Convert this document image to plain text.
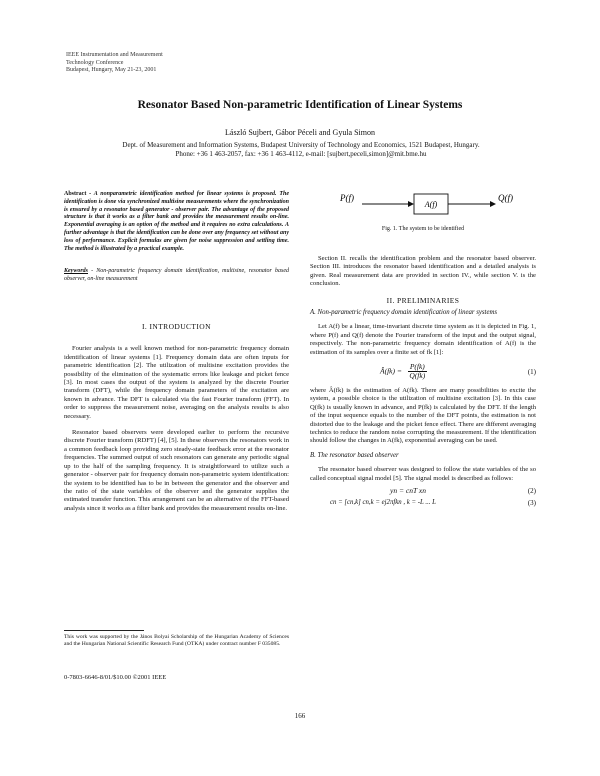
IEEE Instrumentation and Measurement
Technology Conference
Budapest, Hungary, May 21-23, 2001
Resonator Based Non-parametric Identification of Linear Systems
László Sujbert, Gábor Péceli and Gyula Simon
Dept. of Measurement and Information Systems, Budapest University of Technology and Economics, 1521 Budapest, Hungary.
Phone: +36 1 463-2057, fax: +36 1 463-4112, e-mail: [sujbert,peceli,simon]@mit.bme.hu
Abstract - A nonparametric identification method for linear systems is proposed. The identification is done via synchronized multisine measurements where the synchronization is ensured by a resonator based generator - observer pair. The advantage of the proposed structure is that it works as a filter bank and provides the measurement results on-line. Exponential averaging is an option of the method and it requires no extra calculations. A further advantage is that the identification can be done over any frequency set without any loss of performance. Explicit formulas are given for noise suppression and settling time. The method is illustrated by a practical example.
Keywords - Non-parametric frequency domain identification, multisine, resonator based observer, on-line measurement
I. INTRODUCTION

Fourier analysis is a well known method for non-parametric frequency domain identification of linear systems [1]. Frequency domain data are often inputs for parametric identification [2]. The utilization of multisine excitation provides the possibility of the elimination of the systematic errors like leakage and picket fence [3]. In most cases the output of the system is analyzed by the discrete Fourier transform (DFT), while the frequency domain parameters of the excitation are known in advance. The DFT is calculated via the fast Fourier transform (FFT). In order to suppress the measurement noise, averaging on the analysis results is also necessary.

Resonator based observers were developed earlier to perform the recursive discrete Fourier transform (RDFT) [4], [5]. In these observers the resonators work in a common feedback loop providing zero steady-state feedback error at the resonator frequencies. The summed output of such resonators can generate any periodic signal up to the half of the sampling frequency. It is straightforward to utilize such a generator - observer pair for frequency domain non-parametric system identification: the system to be identified has to be in between the generator and the observer and the ratio of the state variables of the observer and the generator supplies the estimated transfer function. This arrangement can be an alternative of the FFT-based analysis since it works as a filter bank and provides the measurement results on-line.

This work was supported by the János Bolyai Scholarship of the Hungarian Academy of Sciences and the Hungarian National Scientific Research Fund (OTKA) under contract number F 035085.
0-7803-6646-8/01/$10.00 ©2001 IEEE
P(f)
A(f)
Q(f)
Fig. 1. The system to be identified

Section II. recalls the identification problem and the resonator based observer. Section III. introduces the resonator based identification and a detailed analysis is given. Real measurement data are provided in section IV., while section V. is the conclusion.

II. PRELIMINARIES
A. Non-parametric frequency domain identification of linear systems

Let A(f) be a linear, time-invariant discrete time system as it is depicted in Fig. 1, where P(f) and Q(f) denote the Fourier transform of the input and the output signal, respectively. The non-parametric frequency domain identification of A(f) is the estimation of its samples over a finite set of fk [1]:

Â(fk) = $\frac{P(fk)}{Q(fk)}$	(1)

where Â(fk) is the estimation of A(fk). There are many possibilities to excite the system, a possible choice is the utilization of multisine excitation [3]. In this case Q(fk) is usually known in advance, and P(fk) is calculated by the DFT. If the length of the input sequence equals to the number of the DFT points, the estimation is not distorted due to the leakage and the picket fence effect. There are different averaging technics to reduce the random noise corrupting the measurement. If the identification should follow the changes in A(fk), exponential averaging can be used.

B. The resonator based observer

The resonator based observer was designed to follow the state variables of the so called conceptual signal model [5]. The signal model is described as follows:

yn = cnT xn	(2)
cn = [cn,k] cn,k = ej2πfkn , k = -L ... L	(3)
166
